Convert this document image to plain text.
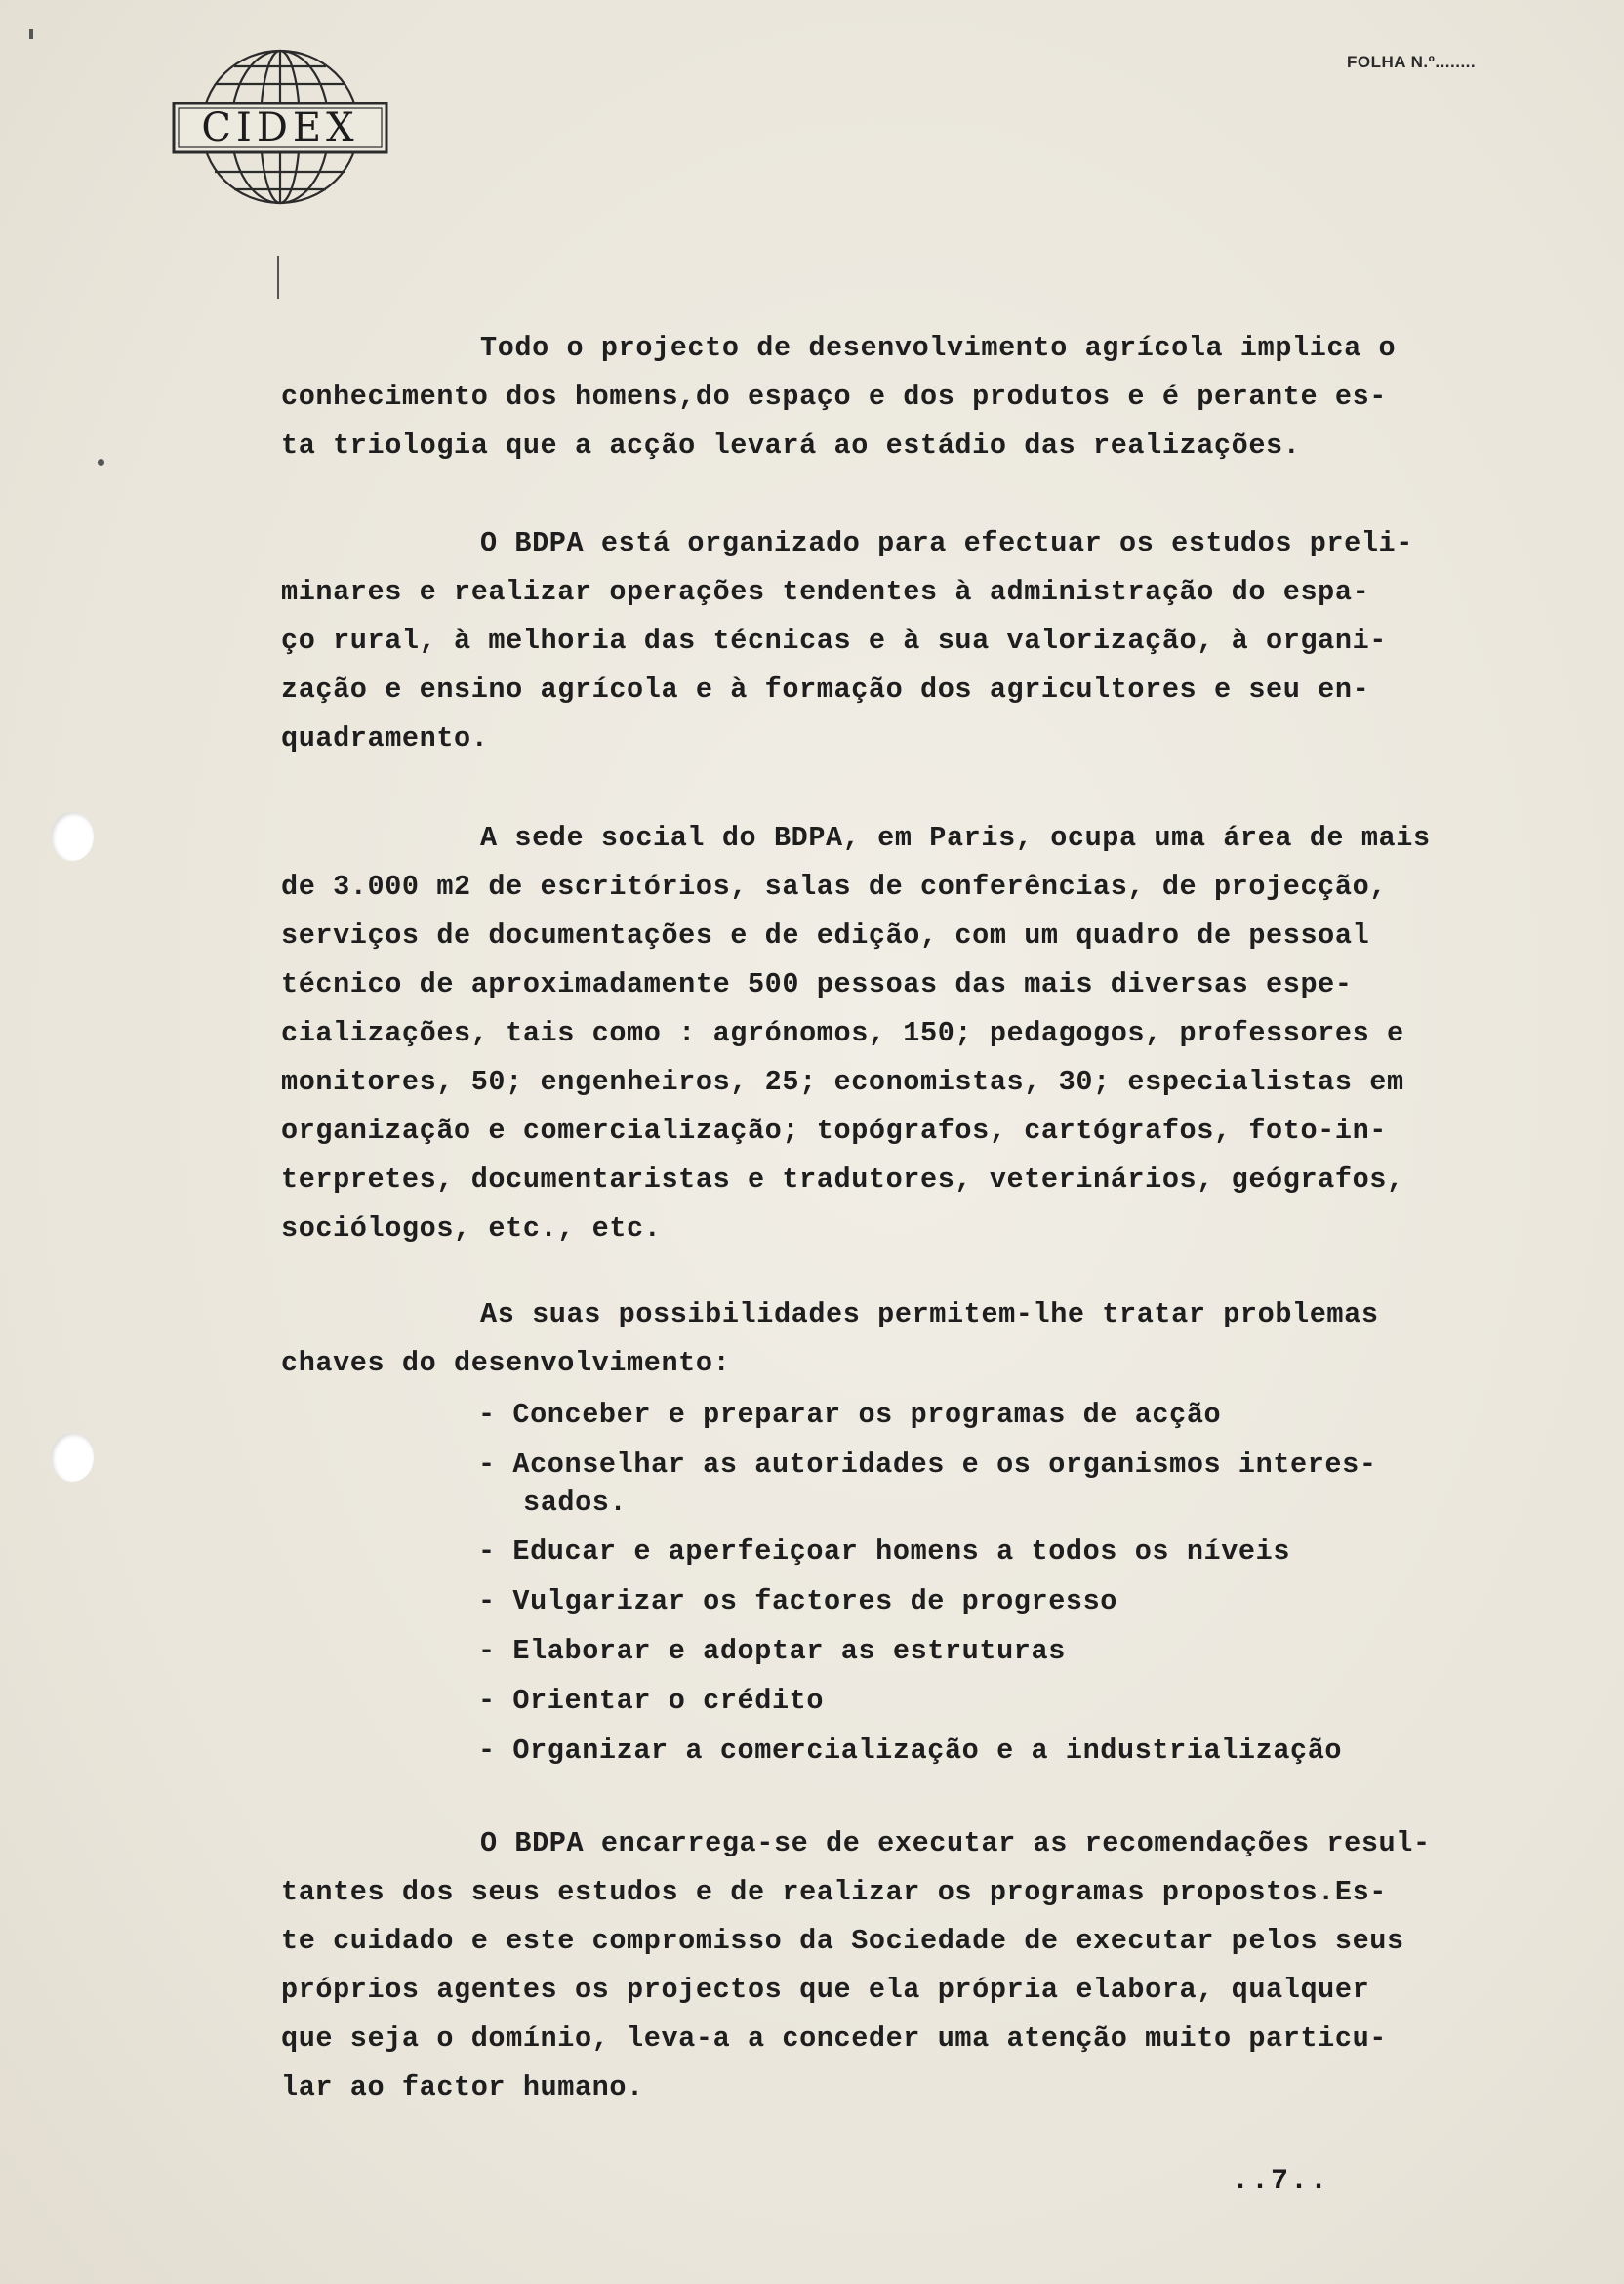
CIDEX
FOLHA N.º........
Todo o projecto de desenvolvimento agrícola implica o
conhecimento dos homens,do espaço e dos produtos e é perante es-
ta triologia que a acção levará ao estádio das realizações.
O BDPA está organizado para efectuar os estudos preli-
minares e realizar operações tendentes à administração do espa-
ço rural, à melhoria das técnicas e à sua valorização, à organi-
zação e ensino agrícola e à formação dos agricultores e seu en-
quadramento.
A sede social do BDPA, em Paris, ocupa uma área de mais
de 3.000 m2 de escritórios, salas de conferências, de projecção,
serviços de documentações e de edição, com um quadro de pessoal
técnico de aproximadamente 500 pessoas das mais diversas espe-
cializações, tais como : agrónomos, 150; pedagogos, professores e
monitores, 50; engenheiros, 25; economistas, 30; especialistas em
organização e comercialização; topógrafos, cartógrafos, foto-in-
terpretes, documentaristas e tradutores, veterinários, geógrafos,
sociólogos, etc., etc.
As suas possibilidades permitem-lhe tratar problemas
chaves do desenvolvimento:
- Conceber e preparar os programas de acção
- Aconselhar as autoridades e os organismos interes-
sados.
- Educar e aperfeiçoar homens a todos os níveis
- Vulgarizar os factores de progresso
- Elaborar e adoptar as estruturas
- Orientar o crédito
- Organizar a comercialização e a industrialização
O BDPA encarrega-se de executar as recomendações resul-
tantes dos seus estudos e de realizar os programas propostos.Es-
te cuidado e este compromisso da Sociedade de executar pelos seus
próprios agentes os projectos que ela própria elabora, qualquer
que seja o domínio, leva-a a conceder uma atenção muito particu-
lar ao factor humano.
..7..
